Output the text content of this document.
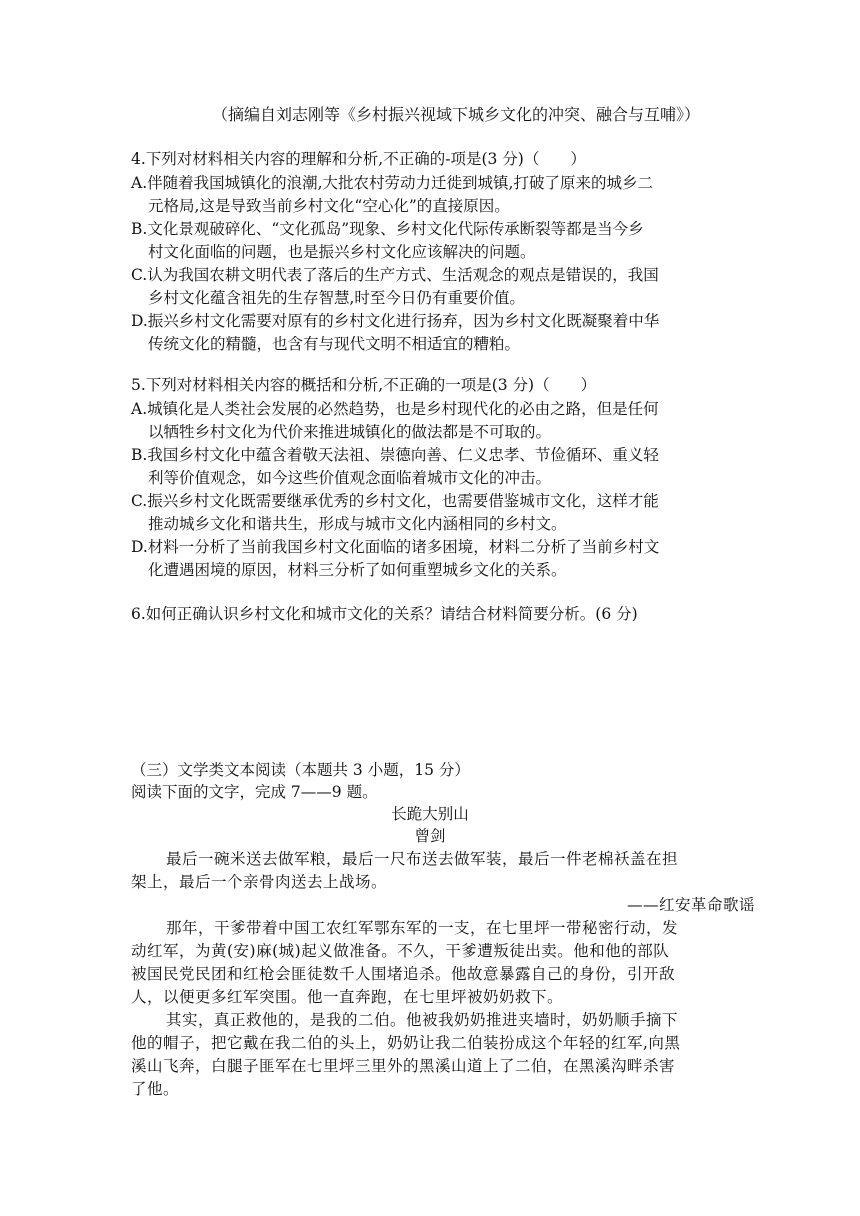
（摘编自刘志刚等《乡村振兴视域下城乡文化的冲突、融合与互哺》）
4.下列对材料相关内容的理解和分析,不正确的-项是(3 分)（　　）
A.伴随着我国城镇化的浪潮,大批农村劳动力迁徙到城镇,打破了原来的城乡二
元格局,这是导致当前乡村文化“空心化”的直接原因。
B.文化景观破碎化、“文化孤岛”现象、乡村文化代际传承断裂等都是当今乡
村文化面临的问题，也是振兴乡村文化应该解决的问题。
C.认为我国农耕文明代表了落后的生产方式、生活观念的观点是错误的，我国
乡村文化蕴含祖先的生存智慧,时至今日仍有重要价值。
D.振兴乡村文化需要对原有的乡村文化进行扬弃，因为乡村文化既凝聚着中华
传统文化的精髓，也含有与现代文明不相适宜的糟粕。
5.下列对材料相关内容的概括和分析,不正确的一项是(3 分)（　　）
A.城镇化是人类社会发展的必然趋势，也是乡村现代化的必由之路，但是任何
以牺牲乡村文化为代价来推进城镇化的做法都是不可取的。
B.我国乡村文化中蕴含着敬天法祖、崇德向善、仁义忠孝、节俭循环、重义轻
利等价值观念，如今这些价值观念面临着城市文化的冲击。
C.振兴乡村文化既需要继承优秀的乡村文化，也需要借鉴城市文化，这样才能
推动城乡文化和谐共生，形成与城市文化内涵相同的乡村文。
D.材料一分析了当前我国乡村文化面临的诸多困境，材料二分析了当前乡村文
化遭遇困境的原因，材料三分析了如何重塑城乡文化的关系。
6.如何正确认识乡村文化和城市文化的关系？请结合材料简要分析。(6 分)
（三）文学类文本阅读（本题共 3 小题，15 分）
阅读下面的文字，完成 7——9 题。
长跪大别山
曾剑
最后一碗米送去做军粮，最后一尺布送去做军装，最后一件老棉袄盖在担
架上，最后一个亲骨肉送去上战场。
——红安革命歌谣
那年，干爹带着中国工农红军鄂东军的一支，在七里坪一带秘密行动，发
动红军，为黄(安)麻(城)起义做准备。不久，干爹遭叛徒出卖。他和他的部队
被国民党民团和红枪会匪徒数千人围堵追杀。他故意暴露自己的身份，引开敌
人，以便更多红军突围。他一直奔跑，在七里坪被奶奶救下。
其实，真正救他的，是我的二伯。他被我奶奶推进夹墙时，奶奶顺手摘下
他的帽子，把它戴在我二伯的头上，奶奶让我二伯装扮成这个年轻的红军,向黑
溪山飞奔，白腿子匪军在七里坪三里外的黑溪山道上了二伯，在黑溪沟畔杀害
了他。
